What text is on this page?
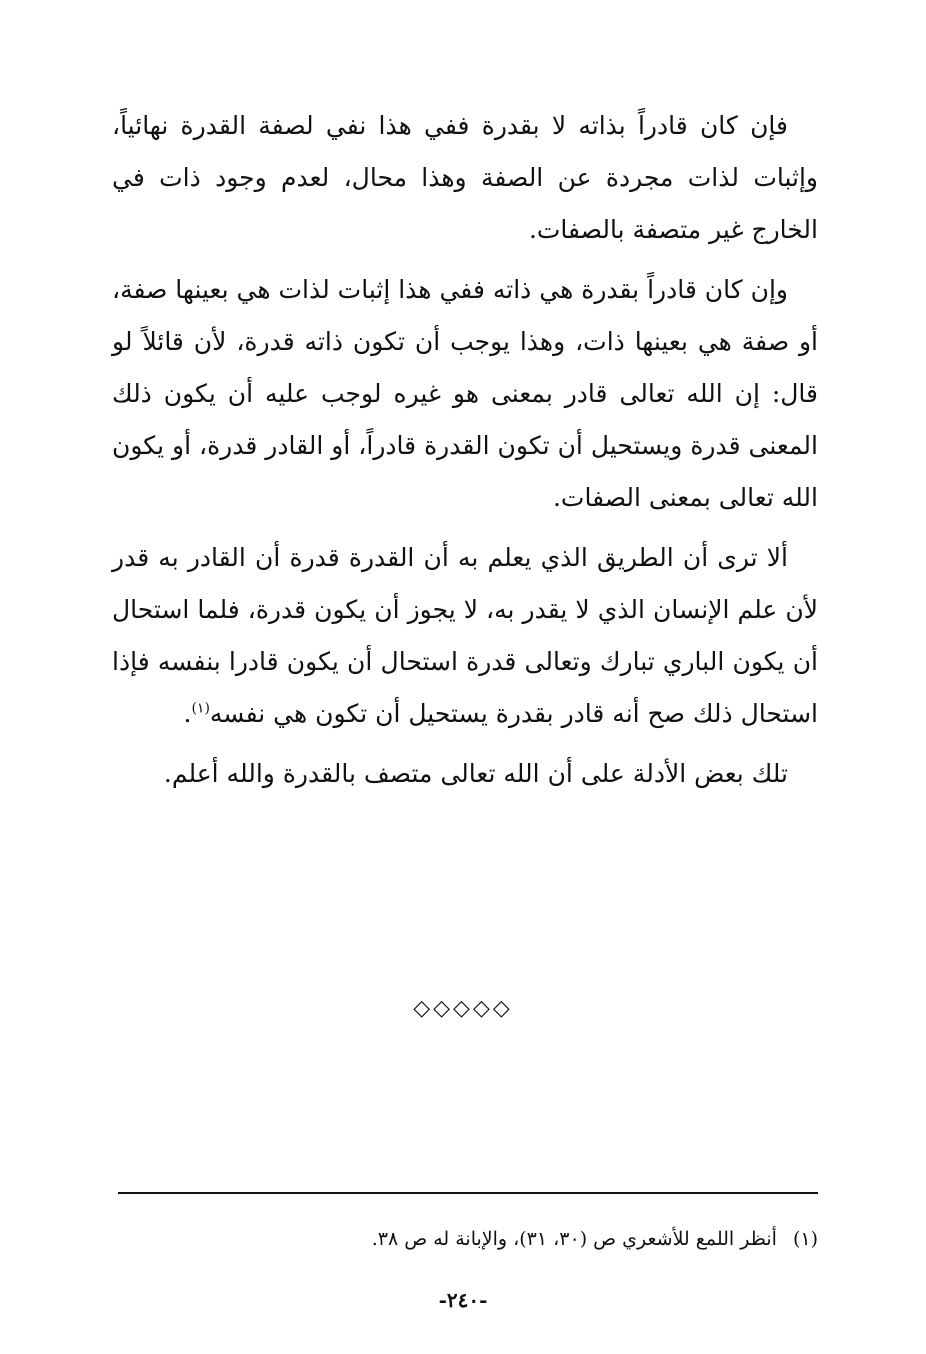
فإن كان قادراً بذاته لا بقدرة ففي هذا نفي لصفة القدرة نهائياً، وإثبات لذات مجردة عن الصفة وهذا محال، لعدم وجود ذات في الخارج غير متصفة بالصفات.

وإن كان قادراً بقدرة هي ذاته ففي هذا إثبات لذات هي بعينها صفة، أو صفة هي بعينها ذات، وهذا يوجب أن تكون ذاته قدرة، لأن قائلاً لو قال: إن الله تعالى قادر بمعنى هو غيره لوجب عليه أن يكون ذلك المعنى قدرة ويستحيل أن تكون القدرة قادراً، أو القادر قدرة، أو يكون الله تعالى بمعنى الصفات.

ألا ترى أن الطريق الذي يعلم به أن القدرة قدرة أن القادر به قدر لأن علم الإنسان الذي لا يقدر به، لا يجوز أن يكون قدرة، فلما استحال أن يكون الباري تبارك وتعالى قدرة استحال أن يكون قادرا بنفسه فإذا استحال ذلك صح أنه قادر بقدرة يستحيل أن تكون هي نفسه$^{(١)}$.

تلك بعض الأدلة على أن الله تعالى متصف بالقدرة والله أعلم.

◇◇◇◇◇
(١) أنظر اللمع للأشعري ص (٣٠، ٣١)، والإبانة له ص ٣٨.
-٢٤٠-
